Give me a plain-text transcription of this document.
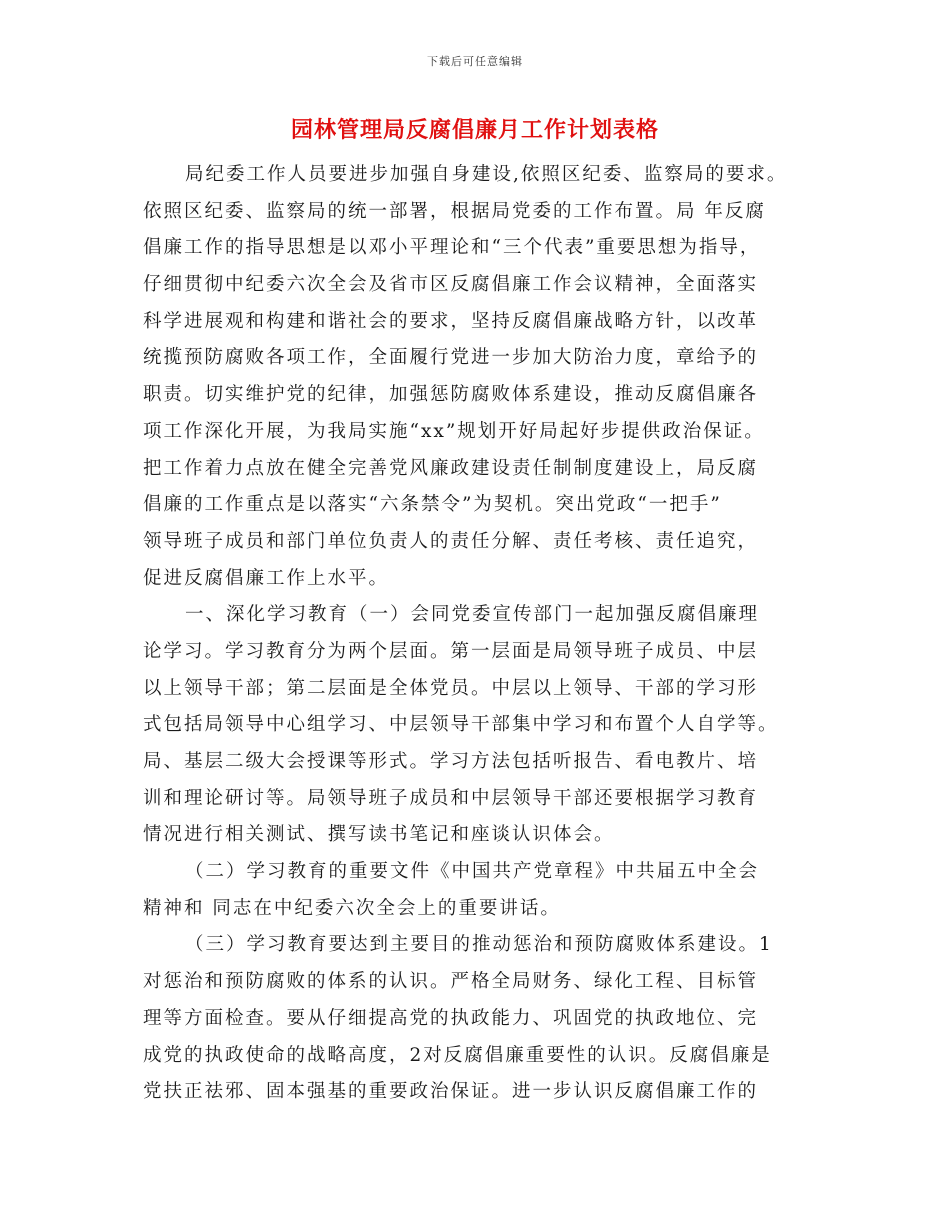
下载后可任意编辑
园林管理局反腐倡廉月工作计划表格
局纪委工作人员要进步加强自身建设,依照区纪委、监察局的要求。
依照区纪委、监察局的统一部署，根据局党委的工作布置。局 年反腐
倡廉工作的指导思想是以邓小平理论和“三个代表”重要思想为指导，
仔细贯彻中纪委六次全会及省市区反腐倡廉工作会议精神，全面落实
科学进展观和构建和谐社会的要求，坚持反腐倡廉战略方针，以改革
统揽预防腐败各项工作，全面履行党进一步加大防治力度，章给予的
职责。切实维护党的纪律，加强惩防腐败体系建设，推动反腐倡廉各
项工作深化开展，为我局实施“xx”规划开好局起好步提供政治保证。
把工作着力点放在健全完善党风廉政建设责任制制度建设上，局反腐
倡廉的工作重点是以落实“六条禁令”为契机。突出党政“一把手”
领导班子成员和部门单位负责人的责任分解、责任考核、责任追究，
促进反腐倡廉工作上水平。
一、深化学习教育（一）会同党委宣传部门一起加强反腐倡廉理
论学习。学习教育分为两个层面。第一层面是局领导班子成员、中层
以上领导干部；第二层面是全体党员。中层以上领导、干部的学习形
式包括局领导中心组学习、中层领导干部集中学习和布置个人自学等。
局、基层二级大会授课等形式。学习方法包括听报告、看电教片、培
训和理论研讨等。局领导班子成员和中层领导干部还要根据学习教育
情况进行相关测试、撰写读书笔记和座谈认识体会。
（二）学习教育的重要文件《中国共产党章程》中共届五中全会
精神和 同志在中纪委六次全会上的重要讲话。
（三）学习教育要达到主要目的推动惩治和预防腐败体系建设。1
对惩治和预防腐败的体系的认识。严格全局财务、绿化工程、目标管
理等方面检查。要从仔细提高党的执政能力、巩固党的执政地位、完
成党的执政使命的战略高度，2对反腐倡廉重要性的认识。反腐倡廉是
党扶正祛邪、固本强基的重要政治保证。进一步认识反腐倡廉工作的
